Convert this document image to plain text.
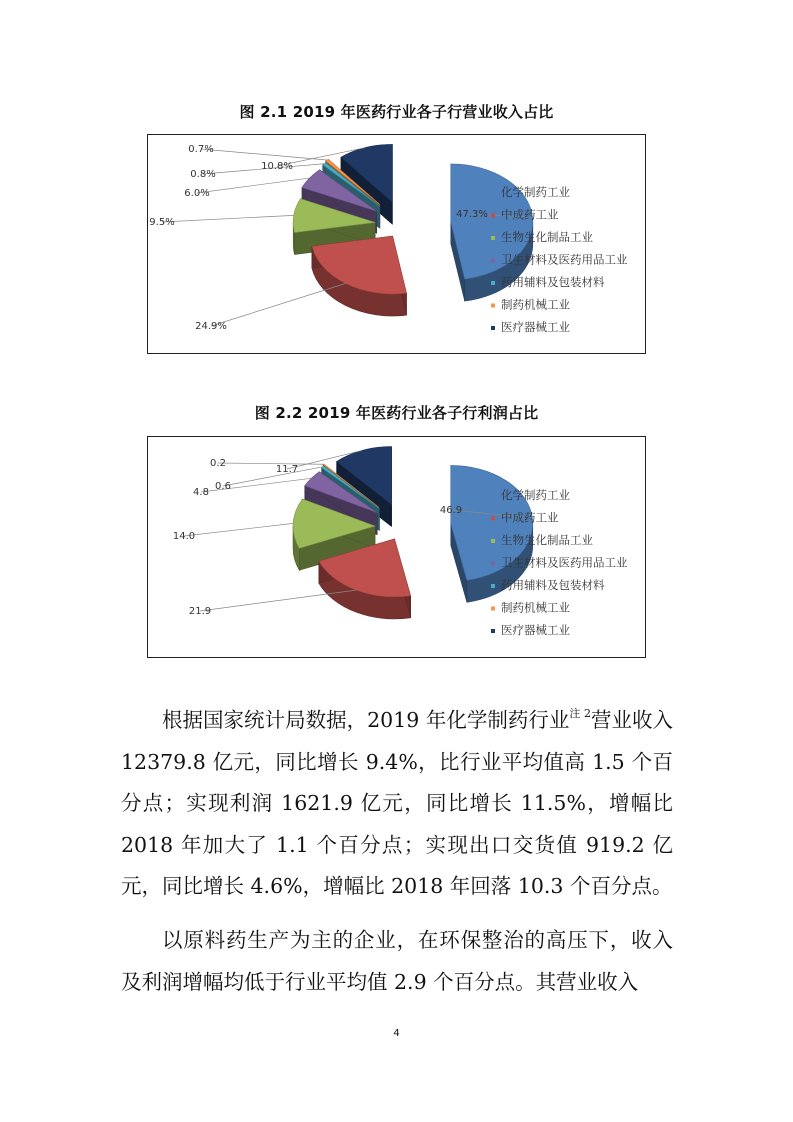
图 2.1 2019 年医药行业各子行营业收入占比
47.3%
24.9%
9.5%
6.0%
0.8%
0.7%
10.8%
化学制药工业
中成药工业
生物生化制品工业
卫生材料及医药用品工业
药用辅料及包装材料
制药机械工业
医疗器械工业
图 2.2 2019 年医药行业各子行利润占比
46.9
21.9
14.0
4.8
0.6
0.2
11.7
化学制药工业
中成药工业
生物生化制品工业
卫生材料及医药用品工业
药用辅料及包装材料
制药机械工业
医疗器械工业

根据国家统计局数据，2019 年化学制药行业$^{注 2}$营业收入 12379.8 亿元，同比增长 9.4%，比行业平均值高 1.5 个百分点；实现利润 1621.9 亿元，同比增长 11.5%，增幅比 2018 年加大了 1.1 个百分点；实现出口交货值 919.2 亿元，同比增长 4.6%，增幅比 2018 年回落 10.3 个百分点。

以原料药生产为主的企业，在环保整治的高压下，收入及利润增幅均低于行业平均值 2.9 个百分点。其营业收入

4
